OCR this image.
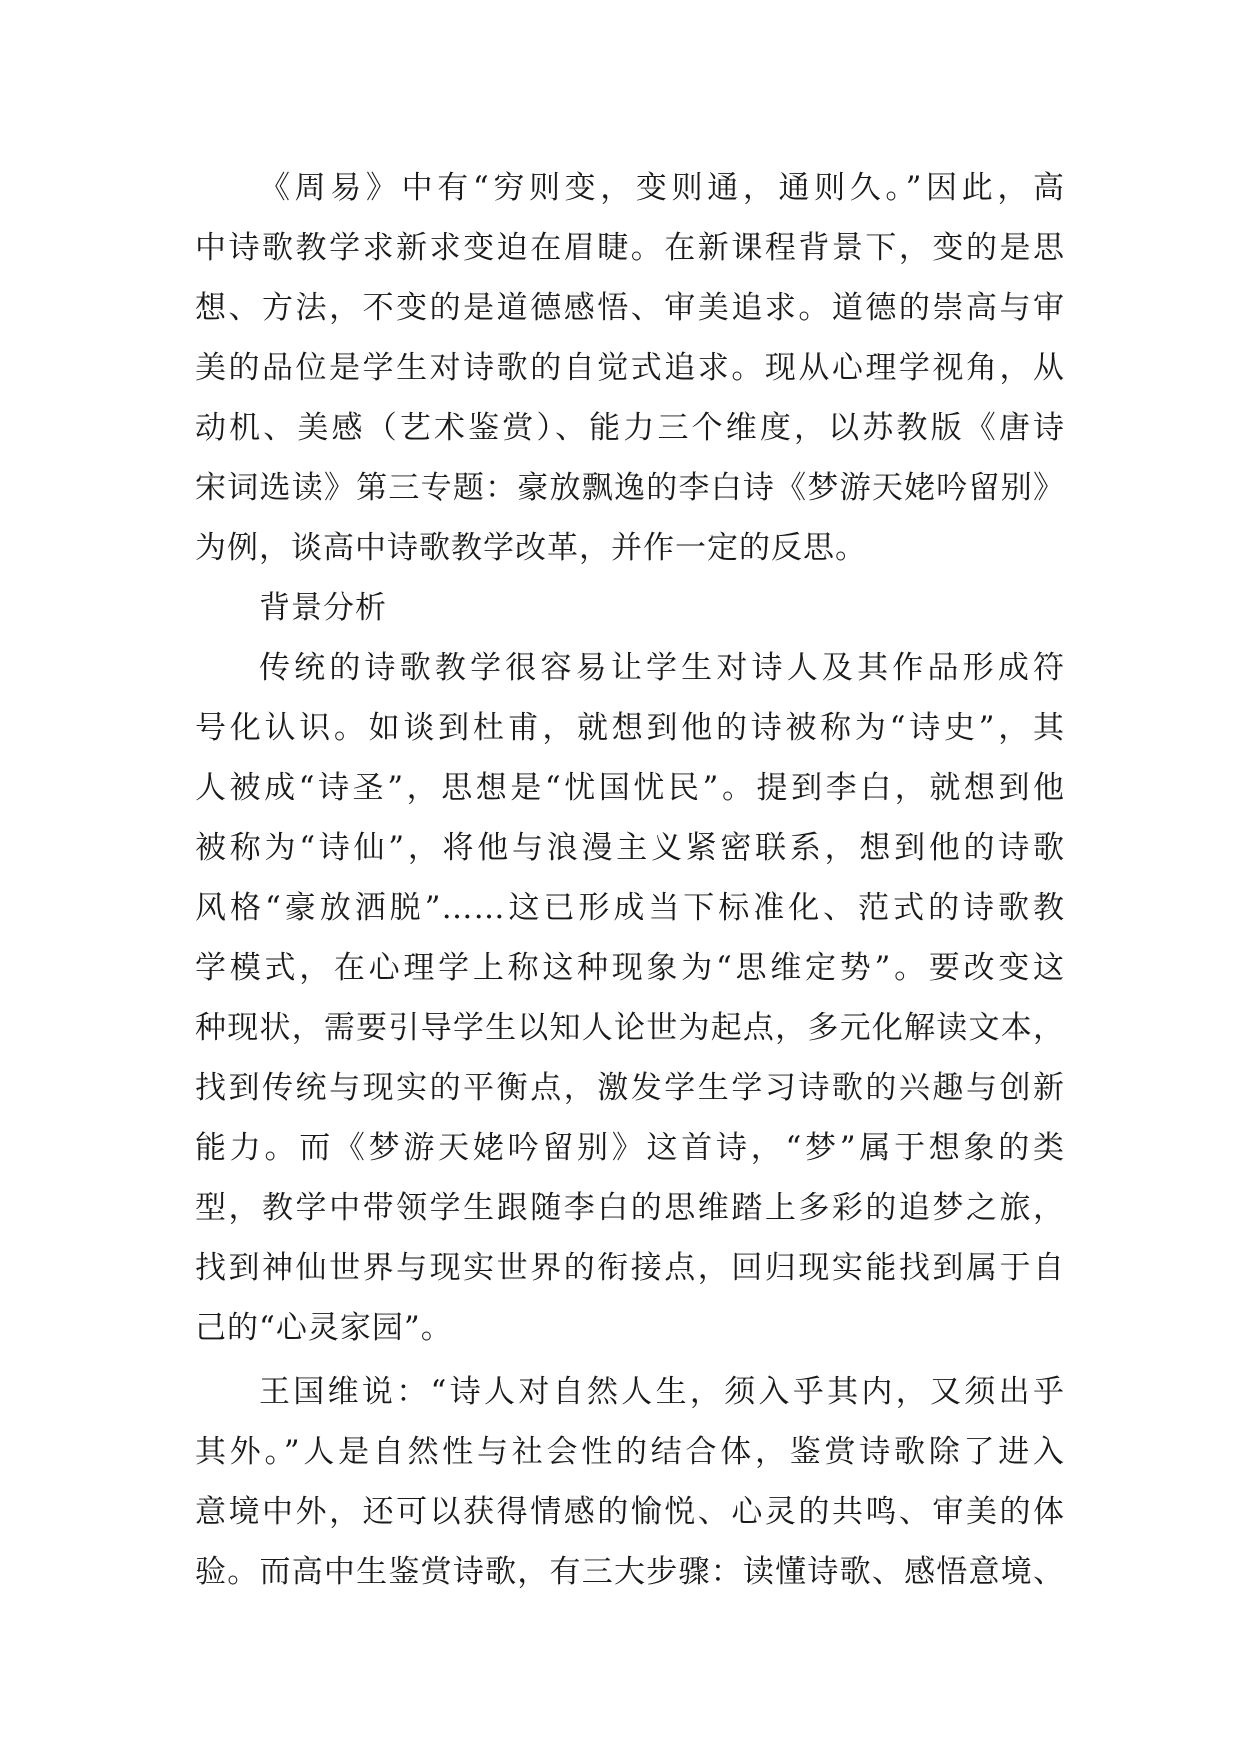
《周易》中有“穷则变，变则通，通则久。”因此，高
中诗歌教学求新求变迫在眉睫。在新课程背景下，变的是思
想、方法，不变的是道德感悟、审美追求。道德的崇高与审
美的品位是学生对诗歌的自觉式追求。现从心理学视角，从
动机、美感（艺术鉴赏）、能力三个维度，以苏教版《唐诗
宋词选读》第三专题：豪放飘逸的李白诗《梦游天姥吟留别》
为例，谈高中诗歌教学改革，并作一定的反思。
背景分析
传统的诗歌教学很容易让学生对诗人及其作品形成符
号化认识。如谈到杜甫，就想到他的诗被称为“诗史”，其
人被成“诗圣”，思想是“忧国忧民”。提到李白，就想到他
被称为“诗仙”，将他与浪漫主义紧密联系，想到他的诗歌
风格“豪放洒脱”……这已形成当下标准化、范式的诗歌教
学模式，在心理学上称这种现象为“思维定势”。要改变这
种现状，需要引导学生以知人论世为起点，多元化解读文本，
找到传统与现实的平衡点，激发学生学习诗歌的兴趣与创新
能力。而《梦游天姥吟留别》这首诗，“梦”属于想象的类
型，教学中带领学生跟随李白的思维踏上多彩的追梦之旅，
找到神仙世界与现实世界的衔接点，回归现实能找到属于自
己的“心灵家园”。
王国维说：“诗人对自然人生，须入乎其内，又须出乎
其外。”人是自然性与社会性的结合体，鉴赏诗歌除了进入
意境中外，还可以获得情感的愉悦、心灵的共鸣、审美的体
验。而高中生鉴赏诗歌，有三大步骤：读懂诗歌、感悟意境、
